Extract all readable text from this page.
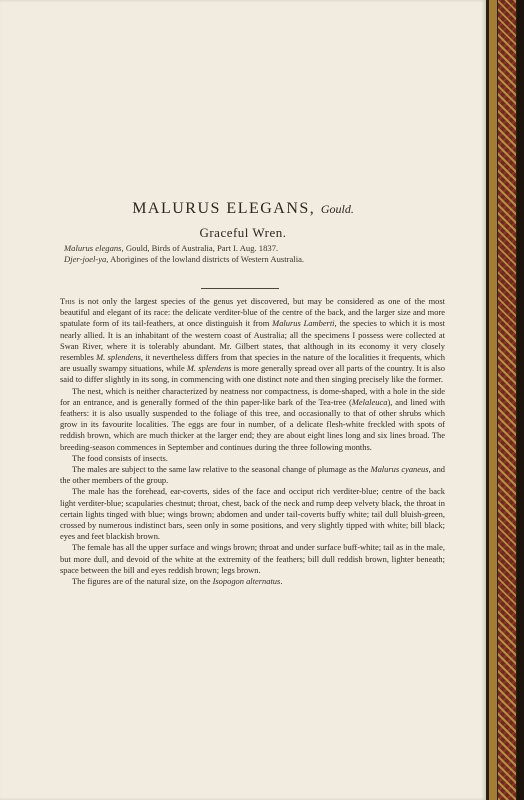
MALURUS ELEGANS, Gould.
Graceful Wren.
Malurus elegans, Gould, Birds of Australia, Part I. Aug. 1837.
Djer-joel-ya, Aborigines of the lowland districts of Western Australia.

This is not only the largest species of the genus yet discovered, but may be considered as one of the most beautiful and elegant of its race: the delicate verditer-blue of the centre of the back, and the larger size and more spatulate form of its tail-feathers, at once distinguish it from Malurus Lamberti, the species to which it is most nearly allied. It is an inhabitant of the western coast of Australia; all the specimens I possess were collected at Swan River, where it is tolerably abundant. Mr. Gilbert states, that although in its economy it very closely resembles M. splendens, it nevertheless differs from that species in the nature of the localities it frequents, which are usually swampy situations, while M. splendens is more generally spread over all parts of the country. It is also said to differ slightly in its song, in commencing with one distinct note and then singing precisely like the former.

The nest, which is neither characterized by neatness nor compactness, is dome-shaped, with a hole in the side for an entrance, and is generally formed of the thin paper-like bark of the Tea-tree (Melaleuca), and lined with feathers: it is also usually suspended to the foliage of this tree, and occasionally to that of other shrubs which grow in its favourite localities. The eggs are four in number, of a delicate flesh-white freckled with spots of reddish brown, which are much thicker at the larger end; they are about eight lines long and six lines broad. The breeding-season commences in September and continues during the three following months.

The food consists of insects.

The males are subject to the same law relative to the seasonal change of plumage as the Malurus cyaneus, and the other members of the group.

The male has the forehead, ear-coverts, sides of the face and occiput rich verditer-blue; centre of the back light verditer-blue; scapularies chestnut; throat, chest, back of the neck and rump deep velvety black, the throat in certain lights tinged with blue; wings brown; abdomen and under tail-coverts buffy white; tail dull bluish-green, crossed by numerous indistinct bars, seen only in some positions, and very slightly tipped with white; bill black; eyes and feet blackish brown.

The female has all the upper surface and wings brown; throat and under surface buff-white; tail as in the male, but more dull, and devoid of the white at the extremity of the feathers; bill dull reddish brown, lighter beneath; space between the bill and eyes reddish brown; legs brown.

The figures are of the natural size, on the Isopogon alternatus.
